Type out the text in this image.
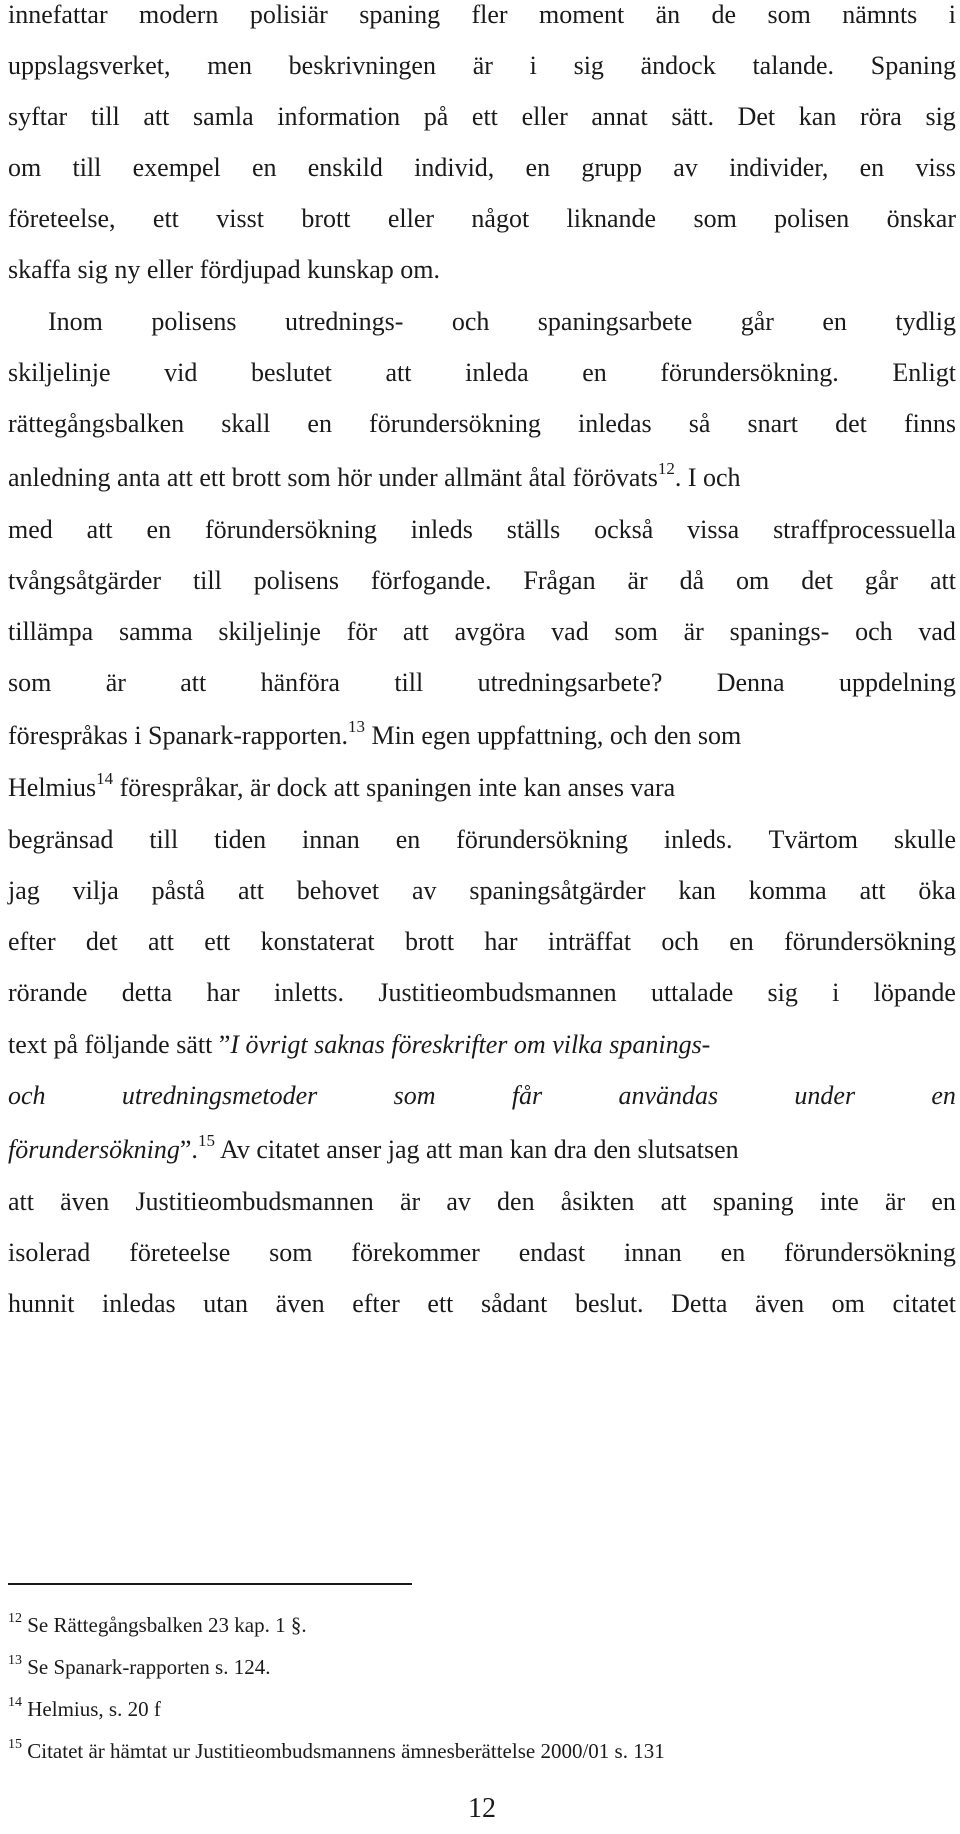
innefattar modern polisiär spaning fler moment än de som nämnts i
uppslagsverket, men beskrivningen är i sig ändock talande. Spaning
syftar till att samla information på ett eller annat sätt. Det kan röra sig
om till exempel en enskild individ, en grupp av individer, en viss
företeelse, ett visst brott eller något liknande som polisen önskar
skaffa sig ny eller fördjupad kunskap om.
Inom polisens utrednings- och spaningsarbete går en tydlig
skiljelinje vid beslutet att inleda en förundersökning. Enligt
rättegångsbalken skall en förundersökning inledas så snart det finns
anledning anta att ett brott som hör under allmänt åtal förövats$^{12}$. I och
med att en förundersökning inleds ställs också vissa straffprocessuella
tvångsåtgärder till polisens förfogande. Frågan är då om det går att
tillämpa samma skiljelinje för att avgöra vad som är spanings- och vad
som är att hänföra till utredningsarbete? Denna uppdelning
förespråkas i Spanark-rapporten.$^{13}$ Min egen uppfattning, och den som
Helmius$^{14}$ förespråkar, är dock att spaningen inte kan anses vara
begränsad till tiden innan en förundersökning inleds. Tvärtom skulle
jag vilja påstå att behovet av spaningsåtgärder kan komma att öka
efter det att ett konstaterat brott har inträffat och en förundersökning
rörande detta har inletts. Justitieombudsmannen uttalade sig i löpande
text på följande sätt ”I övrigt saknas föreskrifter om vilka spanings-
och	utredningsmetoder	som	får	användas	under	en
förundersökning”.$^{15}$ Av citatet anser jag att man kan dra den slutsatsen
att även Justitieombudsmannen är av den åsikten att spaning inte är en
isolerad företeelse som förekommer endast innan en förundersökning
hunnit inledas utan även efter ett sådant beslut. Detta även om citatet
$^{12}$ Se Rättegångsbalken 23 kap. 1 §.
$^{13}$ Se Spanark-rapporten s. 124.
$^{14}$ Helmius, s. 20 f
$^{15}$ Citatet är hämtat ur Justitieombudsmannens ämnesberättelse 2000/01 s. 131
12
